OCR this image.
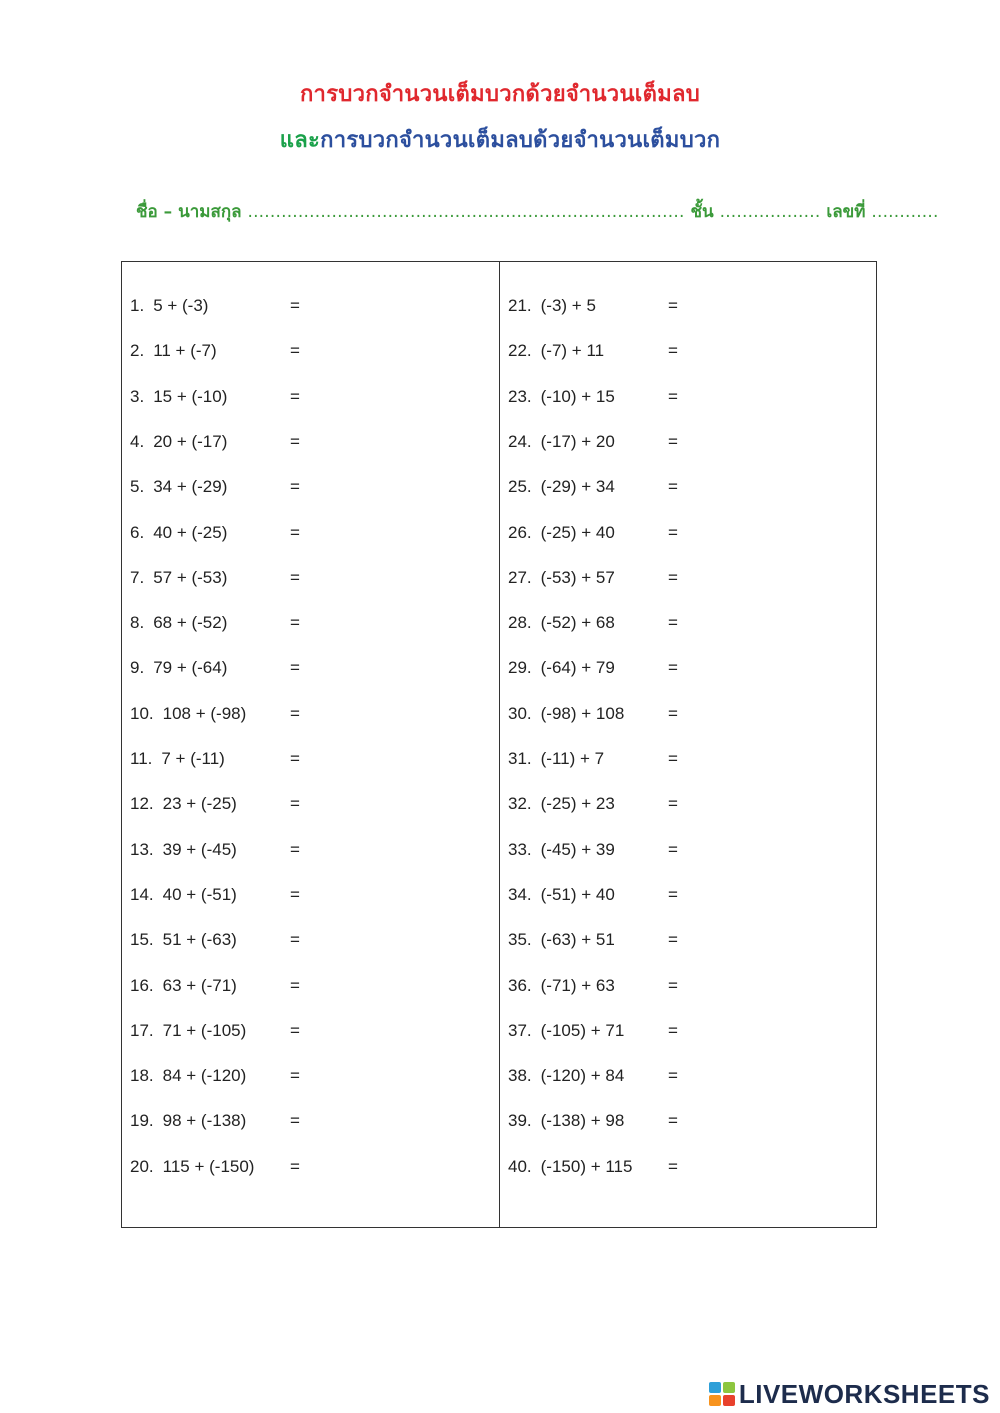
การบวกจำนวนเต็มบวกด้วยจำนวนเต็มลบ
และการบวกจำนวนเต็มลบด้วยจำนวนเต็มบวก
ชื่อ – นามสกุล .............................................................................. ชั้น .................. เลขที่ ............
1. 5 + (-3)	=
2. 11 + (-7)	=
3. 15 + (-10)	=
4. 20 + (-17)	=
5. 34 + (-29)	=
6. 40 + (-25)	=
7. 57 + (-53)	=
8. 68 + (-52)	=
9. 79 + (-64)	=
10. 108 + (-98)	=
11. 7 + (-11)	=
12. 23 + (-25)	=
13. 39 + (-45)	=
14. 40 + (-51)	=
15. 51 + (-63)	=
16. 63 + (-71)	=
17. 71 + (-105)	=
18. 84 + (-120)	=
19. 98 + (-138)	=
20. 115 + (-150) =
21. (-3) + 5	=
22. (-7) + 11	=
23. (-10) + 15	=
24. (-17) + 20	=
25. (-29) + 34	=
26. (-25) + 40	=
27. (-53) + 57	=
28. (-52) + 68	=
29. (-64) + 79	=
30. (-98) + 108	=
31. (-11) + 7	=
32. (-25) + 23	=
33. (-45) + 39	=
34. (-51) + 40	=
35. (-63) + 51	=
36. (-71) + 63	=
37. (-105) + 71	=
38. (-120) + 84	=
39. (-138) + 98	=
40. (-150) + 115 =
LIVEWORKSHEETS
